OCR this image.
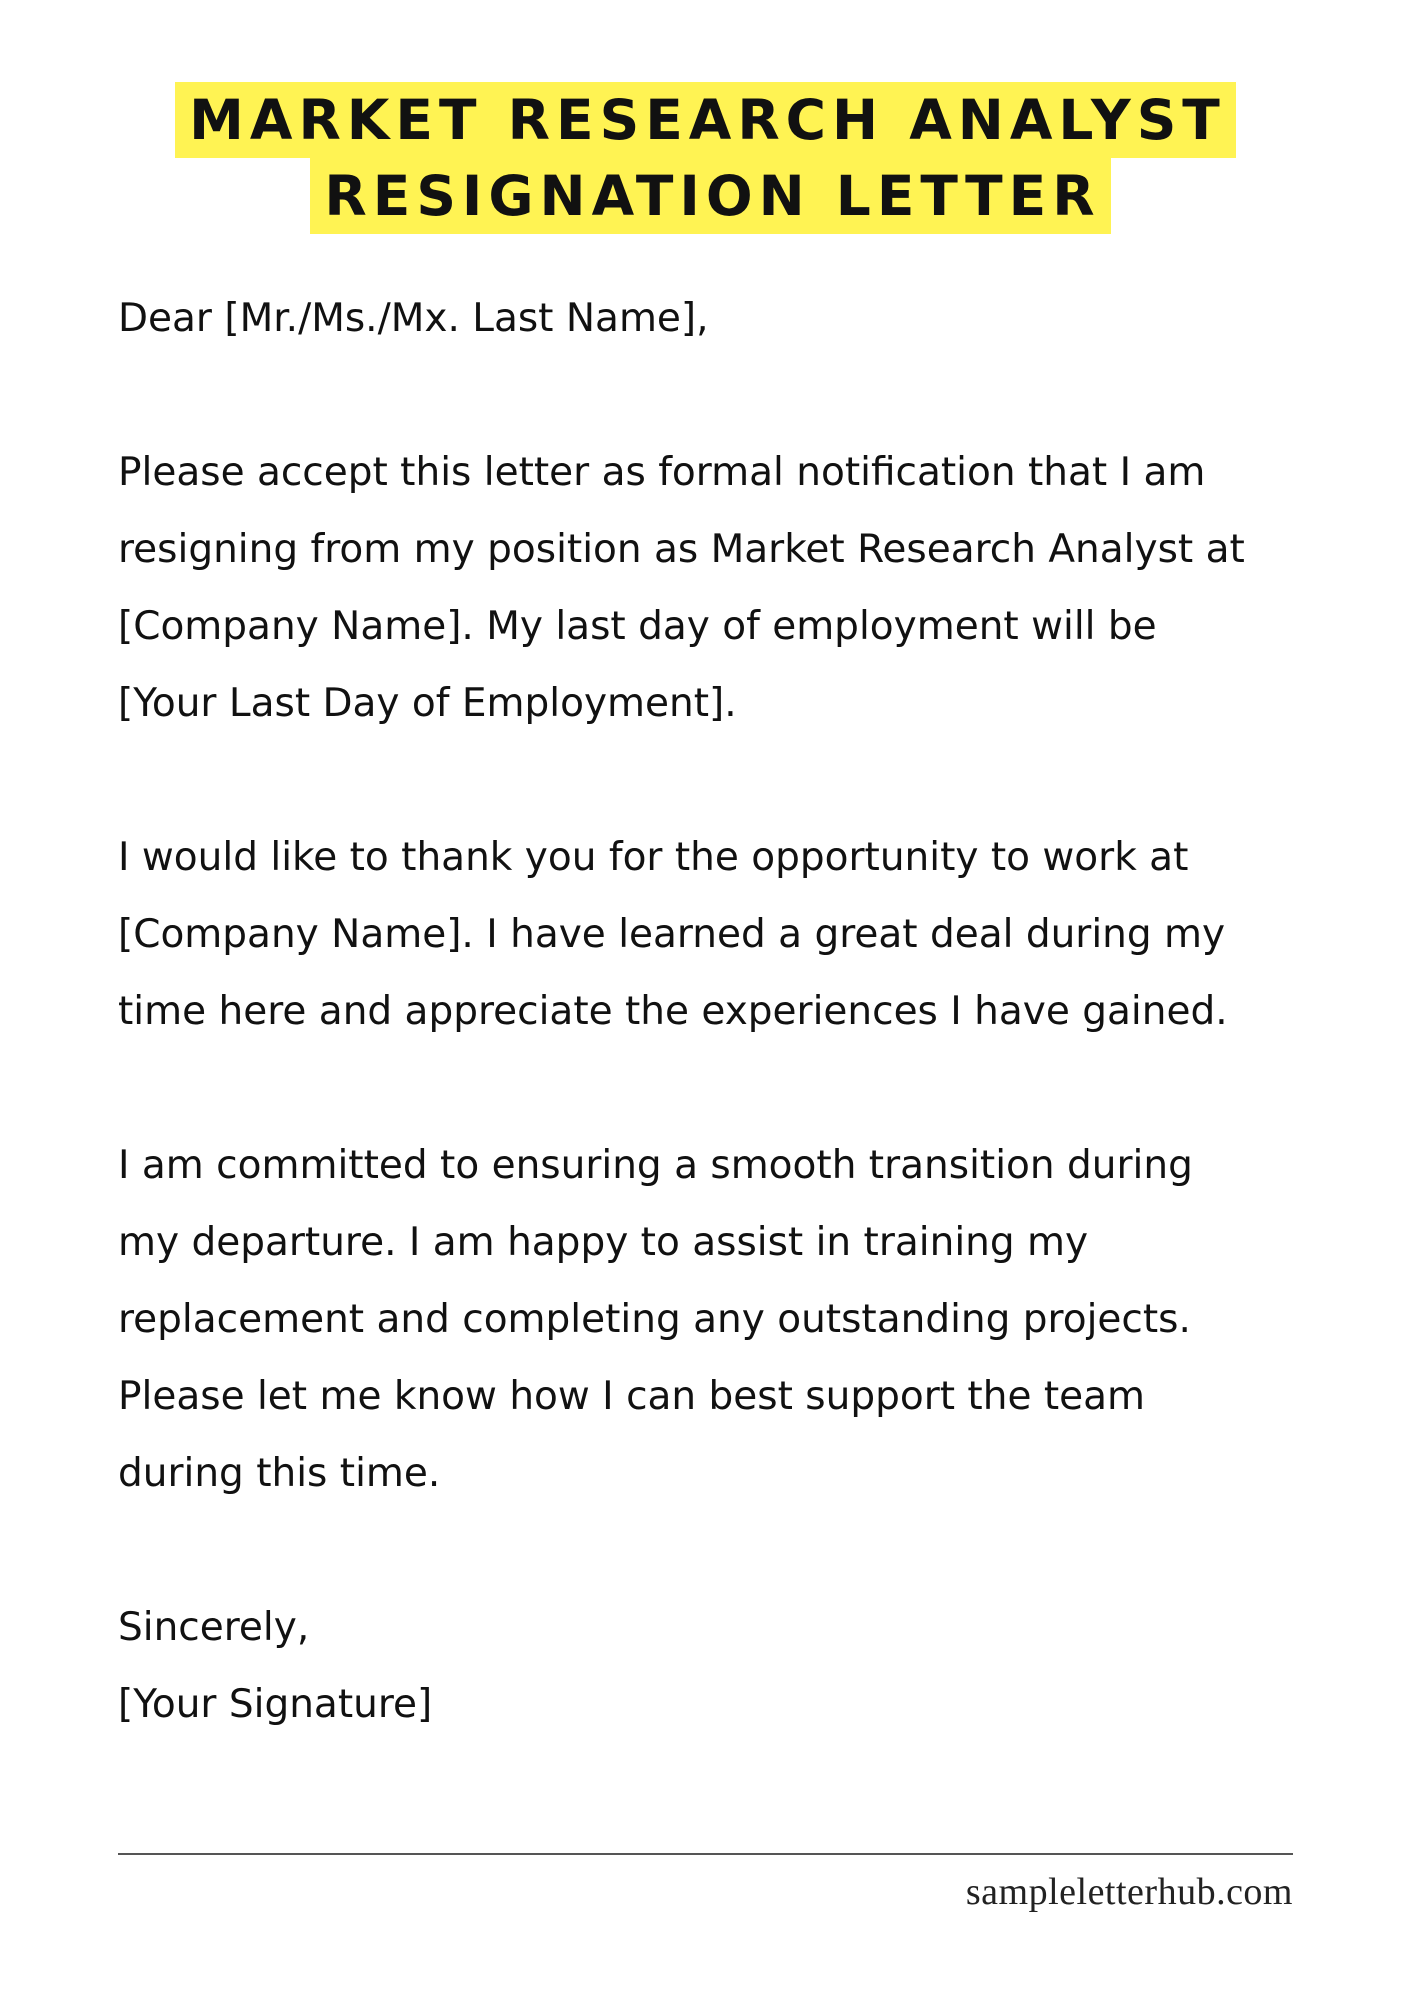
MARKET RESEARCH ANALYST
RESIGNATION LETTER

Dear [Mr./Ms./Mx. Last Name],

Please accept this letter as formal notification that I am

resigning from my position as Market Research Analyst at

[Company Name]. My last day of employment will be

[Your Last Day of Employment].

I would like to thank you for the opportunity to work at

[Company Name]. I have learned a great deal during my

time here and appreciate the experiences I have gained.

I am committed to ensuring a smooth transition during

my departure. I am happy to assist in training my

replacement and completing any outstanding projects.

Please let me know how I can best support the team

during this time.

Sincerely,

[Your Signature]

sampleletterhub.com
